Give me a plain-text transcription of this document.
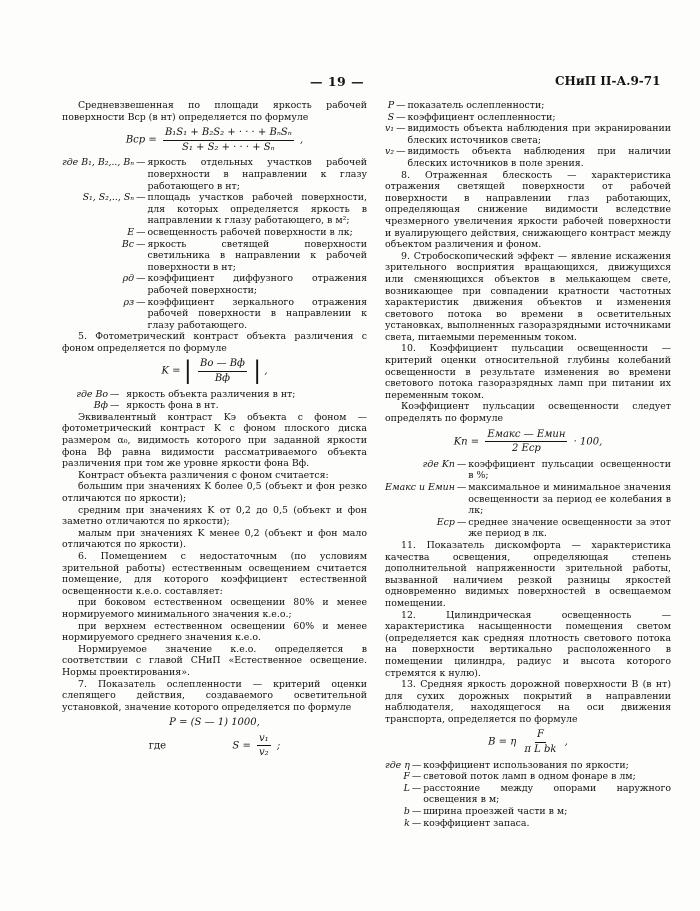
— 19 —	СНиП II-А.9-71

Средневзвешенная по площади яркость рабочей поверхности Вср (в нт) определяется по формуле

Bср = $\frac{\text{B₁S₁ + B₂S₂ + · · · + BₙSₙ}}{\text{S₁ + S₂ + · · · + Sₙ}}$ ,
где B₁, B₂,.., Bₙ	—	яркость отдельных участков рабочей поверхности в направлении к глазу работающего в нт;
S₁, S₂,.., Sₙ	—	площадь участков рабочей поверхности, для которых определяется яркость в направлении к глазу работающего, в м²;
E	—	освещенность рабочей поверхности в лк;
Bс	—	яркость светящей поверхности светильника в направлении к рабочей поверхности в нт;
ρд	—	коэффициент диффузного отражения рабочей поверхности;
ρз	—	коэффициент зеркального отражения рабочей поверхности в направлении к глазу работающего.

5. Фотометрический контраст объекта различения с фоном определяется по формуле

K = | $\frac{Bо — Bф}{Bф}$ | ,
где Bо	—	яркость объекта различения в нт;
Bф	—	яркость фона в нт.

Эквивалентный контраст Kэ объекта с фоном — фотометрический контраст K с фоном плоского диска размером α₀, видимость которого при заданной яркости фона Bф равна видимости рассматриваемого объекта различения при том же уровне яркости фона Bф.

Контраст объекта различения с фоном считается:

большим при значениях K более 0,5 (объект и фон резко отличаются по яркости);

средним при значениях K от 0,2 до 0,5 (объект и фон заметно отличаются по яркости);

малым при значениях K менее 0,2 (объект и фон мало отличаются по яркости).

6. Помещением с недостаточным (по условиям зрительной работы) естественным освещением считается помещение, для которого коэффициент естественной освещенности к.е.о. составляет:

при боковом естественном освещении 80% и менее нормируемого минимального значения к.е.о.;

при верхнем естественном освещении 60% и менее нормируемого среднего значения к.е.о.

Нормируемое значение к.е.о. определяется в соответствии с главой СНиП «Естественное освещение. Нормы проектирования».

7. Показатель ослепленности — критерий оценки слепящего действия, создаваемого осветительной установкой, значение которого определяется по формуле

P = (S — 1) 1000,
где	$S = \frac{\text{v₁}}{\text{v₂}}$ ;
P	—	показатель ослепленности;
S	—	коэффициент ослепленности;
v₁	—	видимость объекта наблюдения при экранировании блеских источников света;
v₂	—	видимость объекта наблюдения при наличии блеских источников в поле зрения.

8. Отраженная блескость — характеристика отражения светящей поверхности от рабочей поверхности в направлении глаз работающих, определяющая снижение видимости вследствие чрезмерного увеличения яркости рабочей поверхности и вуалирующего действия, снижающего контраст между объектом различения и фоном.

9. Стробоскопический эффект — явление искажения зрительного восприятия вращающихся, движущихся или сменяющихся объектов в мелькающем свете, возникающее при совпадении кратности частотных характеристик движения объектов и изменения светового потока во времени в осветительных установках, выполненных газоразрядными источниками света, питаемыми переменным током.

10. Коэффициент пульсации освещенности — критерий оценки относительной глубины колебаний освещенности в результате изменения во времени светового потока газоразрядных ламп при питании их переменным током.

Коэффициент пульсации освещенности следует определять по формуле

Kп = $\frac{\text{Eмакс — Eмин}}{\text{2 Eср}} \cdot 100$,
где Kп	—	коэффициент пульсации освещенности в %;
Eмакс и Eмин	—	максимальное и минимальное значения освещенности за период ее колебания в лк;
Eср	—	среднее значение освещенности за этот же период в лк.

11. Показатель дискомфорта — характеристика качества освещения, определяющая степень дополнительной напряженности зрительной работы, вызванной наличием резкой разницы яркостей одновременно видимых поверхностей в освещаемом помещении.

12. Цилиндрическая освещенность — характеристика насыщенности помещения светом (определяется как средняя плотность светового потока на поверхности вертикально расположенного в помещении цилиндра, радиус и высота которого стремятся к нулю).

13. Средняя яркость дорожной поверхности B (в нт) для сухих дорожных покрытий в направлении наблюдателя, находящегося на оси движения транспорта, определяется по формуле

B = η $\frac{F}{\text{π L bk}}$ ,
где η	—	коэффициент использования по яркости;
F	—	световой поток ламп в одном фонаре в лм;
L	—	расстояние между опорами наружного освещения в м;
b	—	ширина проезжей части в м;
k	—	коэффициент запаса.
